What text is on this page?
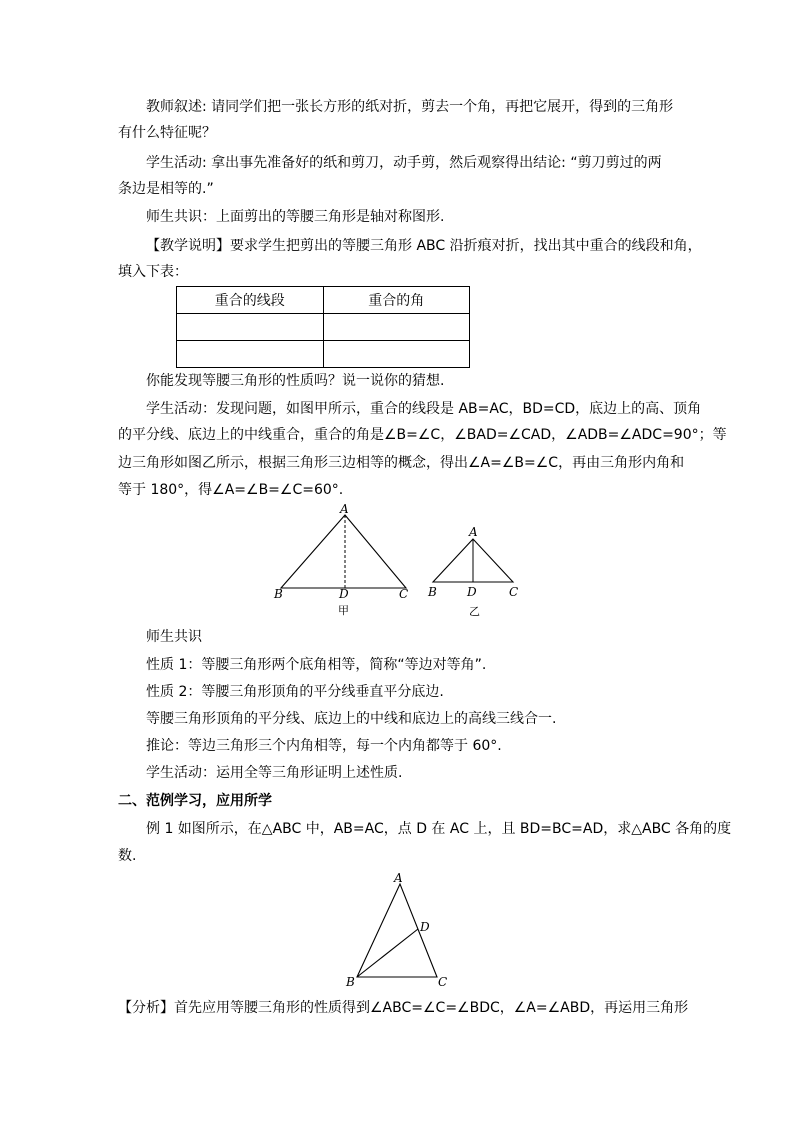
教师叙述: 请同学们把一张长方形的纸对折，剪去一个角，再把它展开，得到的三角形

有什么特征呢？

学生活动: 拿出事先准备好的纸和剪刀，动手剪，然后观察得出结论: “剪刀剪过的两

条边是相等的.”

师生共识：上面剪出的等腰三角形是轴对称图形.

【教学说明】要求学生把剪出的等腰三角形 ABC 沿折痕对折，找出其中重合的线段和角，

填入下表：

重合的线段	重合的角

你能发现等腰三角形的性质吗？说一说你的猜想.

学生活动：发现问题，如图甲所示，重合的线段是 AB=AC，BD=CD，底边上的高、顶角

的平分线、底边上的中线重合，重合的角是∠B=∠C，∠BAD=∠CAD，∠ADB=∠ADC=90°；等

边三角形如图乙所示，根据三角形三边相等的概念，得出∠A=∠B=∠C，再由三角形内角和

等于 180°，得∠A=∠B=∠C=60°.

A
B	D	C
甲
A
B	D	C
乙
A
B	C
D

师生共识

性质 1：等腰三角形两个底角相等，简称“等边对等角”.

性质 2：等腰三角形顶角的平分线垂直平分底边.

等腰三角形顶角的平分线、底边上的中线和底边上的高线三线合一.

推论：等边三角形三个内角相等，每一个内角都等于 60°.

学生活动：运用全等三角形证明上述性质.

二、范例学习，应用所学

例 1 如图所示，在△ABC 中，AB=AC，点 D 在 AC 上，且 BD=BC=AD，求△ABC 各角的度

数.

【分析】首先应用等腰三角形的性质得到∠ABC=∠C=∠BDC，∠A=∠ABD，再运用三角形
